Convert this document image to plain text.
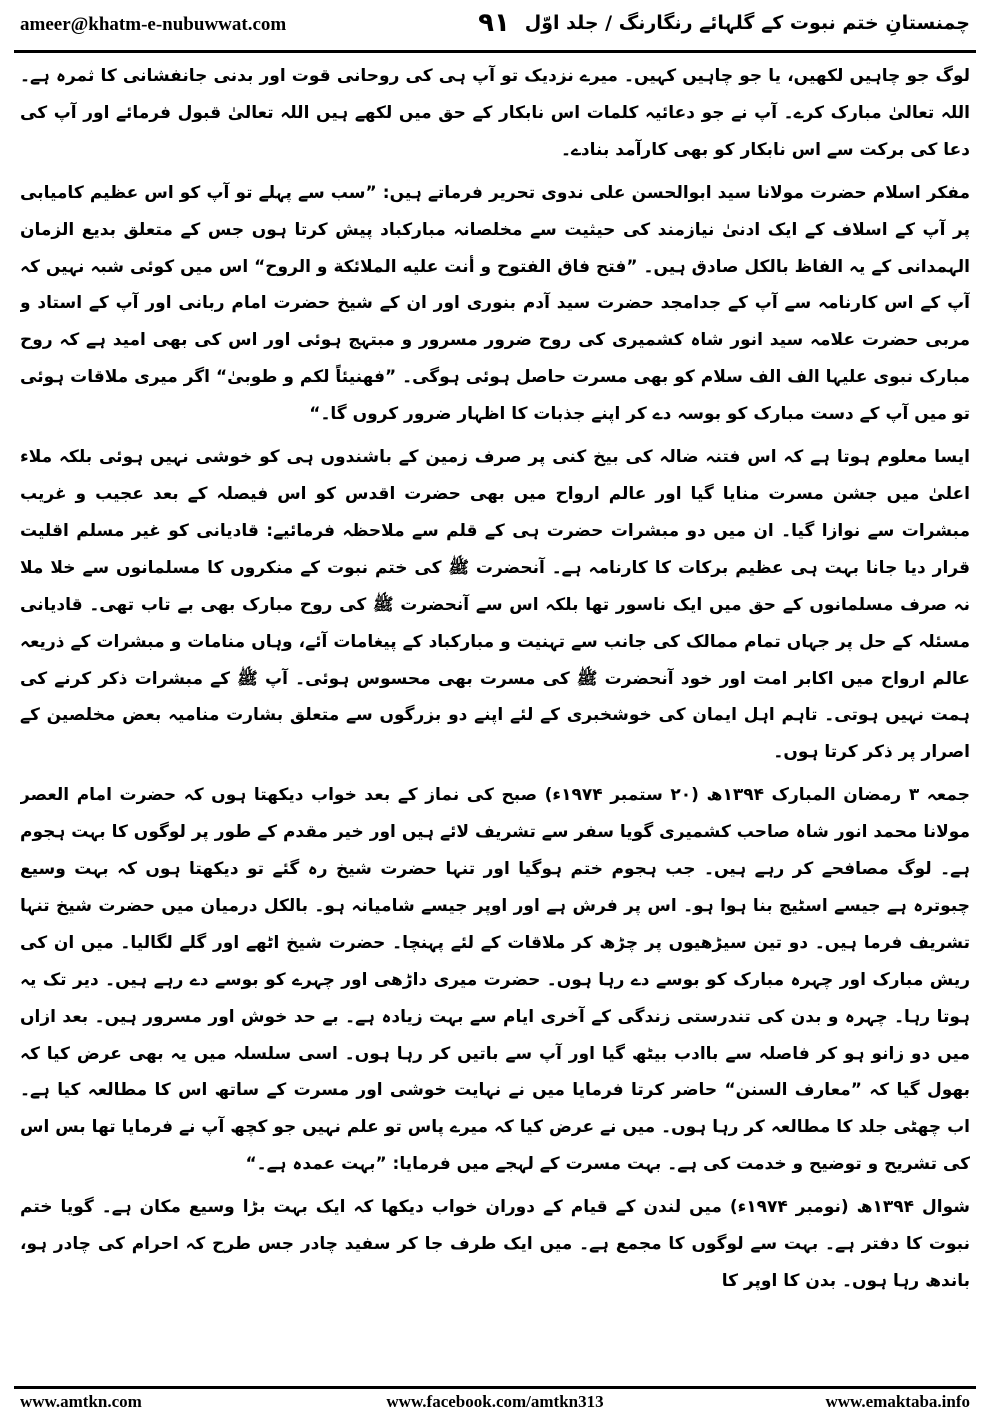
ameer@khatm-e-nubuwwat.com	۹۱ چمنستانِ ختم نبوت کے گلہائے رنگارنگ / جلد اوّل

لوگ جو چاہیں لکھیں، یا جو چاہیں کہیں۔ میرے نزدیک تو آپ ہی کی روحانی قوت اور بدنی جانفشانی کا ثمرہ ہے۔ اللہ تعالیٰ مبارک کرے۔ آپ نے جو دعائیہ کلمات اس نابکار کے حق میں لکھے ہیں اللہ تعالیٰ قبول فرمائے اور آپ کی دعا کی برکت سے اس نابکار کو بھی کارآمد بنادے۔

مفکر اسلام حضرت مولانا سید ابوالحسن علی ندوی تحریر فرماتے ہیں: ”سب سے پہلے تو آپ کو اس عظیم کامیابی پر آپ کے اسلاف کے ایک ادنیٰ نیازمند کی حیثیت سے مخلصانہ مبارکباد پیش کرتا ہوں جس کے متعلق بدیع الزمان الہمدانی کے یہ الفاظ بالکل صادق ہیں۔ ”فتح فاق الفتوح و أنت علیه الملائكة و الروح“ اس میں کوئی شبہ نہیں کہ آپ کے اس کارنامہ سے آپ کے جدامجد حضرت سید آدم بنوری اور ان کے شیخ حضرت امام ربانی اور آپ کے استاد و مربی حضرت علامہ سید انور شاہ کشمیری کی روح ضرور مسرور و مبتہج ہوئی اور اس کی بھی امید ہے کہ روح مبارک نبوی علیہا الف الف سلام کو بھی مسرت حاصل ہوئی ہوگی۔ ”فهنیئاً لكم و طوبیٰ“ اگر میری ملاقات ہوئی تو میں آپ کے دست مبارک کو بوسہ دے کر اپنے جذبات کا اظہار ضرور کروں گا۔“

ایسا معلوم ہوتا ہے کہ اس فتنہ ضالہ کی بیخ کنی پر صرف زمین کے باشندوں ہی کو خوشی نہیں ہوئی بلکہ ملاء اعلیٰ میں جشن مسرت منایا گیا اور عالم ارواح میں بھی حضرت اقدس کو اس فیصلہ کے بعد عجیب و غریب مبشرات سے نوازا گیا۔ ان میں دو مبشرات حضرت ہی کے قلم سے ملاحظہ فرمائیے: قادیانی کو غیر مسلم اقلیت قرار دیا جانا بہت ہی عظیم برکات کا کارنامہ ہے۔ آنحضرت ﷺ کی ختم نبوت کے منکروں کا مسلمانوں سے خلا ملا نہ صرف مسلمانوں کے حق میں ایک ناسور تھا بلکہ اس سے آنحضرت ﷺ کی روح مبارک بھی بے تاب تھی۔ قادیانی مسئلہ کے حل پر جہاں تمام ممالک کی جانب سے تہنیت و مبارکباد کے پیغامات آئے، وہاں منامات و مبشرات کے ذریعہ عالم ارواح میں اکابر امت اور خود آنحضرت ﷺ کی مسرت بھی محسوس ہوئی۔ آپ ﷺ کے مبشرات ذکر کرنے کی ہمت نہیں ہوتی۔ تاہم اہل ایمان کی خوشخبری کے لئے اپنے دو بزرگوں سے متعلق بشارت منامیہ بعض مخلصین کے اصرار پر ذکر کرتا ہوں۔

جمعہ ۳ رمضان المبارک ۱۳۹۴ھ (۲۰ ستمبر ۱۹۷۴ء) صبح کی نماز کے بعد خواب دیکھتا ہوں کہ حضرت امام العصر مولانا محمد انور شاہ صاحب کشمیری گویا سفر سے تشریف لائے ہیں اور خیر مقدم کے طور پر لوگوں کا بہت ہجوم ہے۔ لوگ مصافحے کر رہے ہیں۔ جب ہجوم ختم ہوگیا اور تنہا حضرت شیخ رہ گئے تو دیکھتا ہوں کہ بہت وسیع چبوترہ ہے جیسے اسٹیج بنا ہوا ہو۔ اس پر فرش ہے اور اوپر جیسے شامیانہ ہو۔ بالکل درمیان میں حضرت شیخ تنہا تشریف فرما ہیں۔ دو تین سیڑھیوں پر چڑھ کر ملاقات کے لئے پہنچا۔ حضرت شیخ اٹھے اور گلے لگالیا۔ میں ان کی ریش مبارک اور چہرہ مبارک کو بوسے دے رہا ہوں۔ حضرت میری داڑھی اور چہرے کو بوسے دے رہے ہیں۔ دیر تک یہ ہوتا رہا۔ چہرہ و بدن کی تندرستی زندگی کے آخری ایام سے بہت زیادہ ہے۔ بے حد خوش اور مسرور ہیں۔ بعد ازاں میں دو زانو ہو کر فاصلہ سے باادب بیٹھ گیا اور آپ سے باتیں کر رہا ہوں۔ اسی سلسلہ میں یہ بھی عرض کیا کہ بھول گیا کہ ”معارف السنن“ حاضر کرتا فرمایا میں نے نہایت خوشی اور مسرت کے ساتھ اس کا مطالعہ کیا ہے۔ اب چھٹی جلد کا مطالعہ کر رہا ہوں۔ میں نے عرض کیا کہ میرے پاس تو علم نہیں جو کچھ آپ نے فرمایا تھا بس اس کی تشریح و توضیح و خدمت کی ہے۔ بہت مسرت کے لہجے میں فرمایا: ”بہت عمدہ ہے۔“

شوال ۱۳۹۴ھ (نومبر ۱۹۷۴ء) میں لندن کے قیام کے دوران خواب دیکھا کہ ایک بہت بڑا وسیع مکان ہے۔ گویا ختم نبوت کا دفتر ہے۔ بہت سے لوگوں کا مجمع ہے۔ میں ایک طرف جا کر سفید چادر جس طرح کہ احرام کی چادر ہو، باندھ رہا ہوں۔ بدن کا اوپر کا

www.amtkn.com	www.facebook.com/amtkn313	www.emaktaba.info
